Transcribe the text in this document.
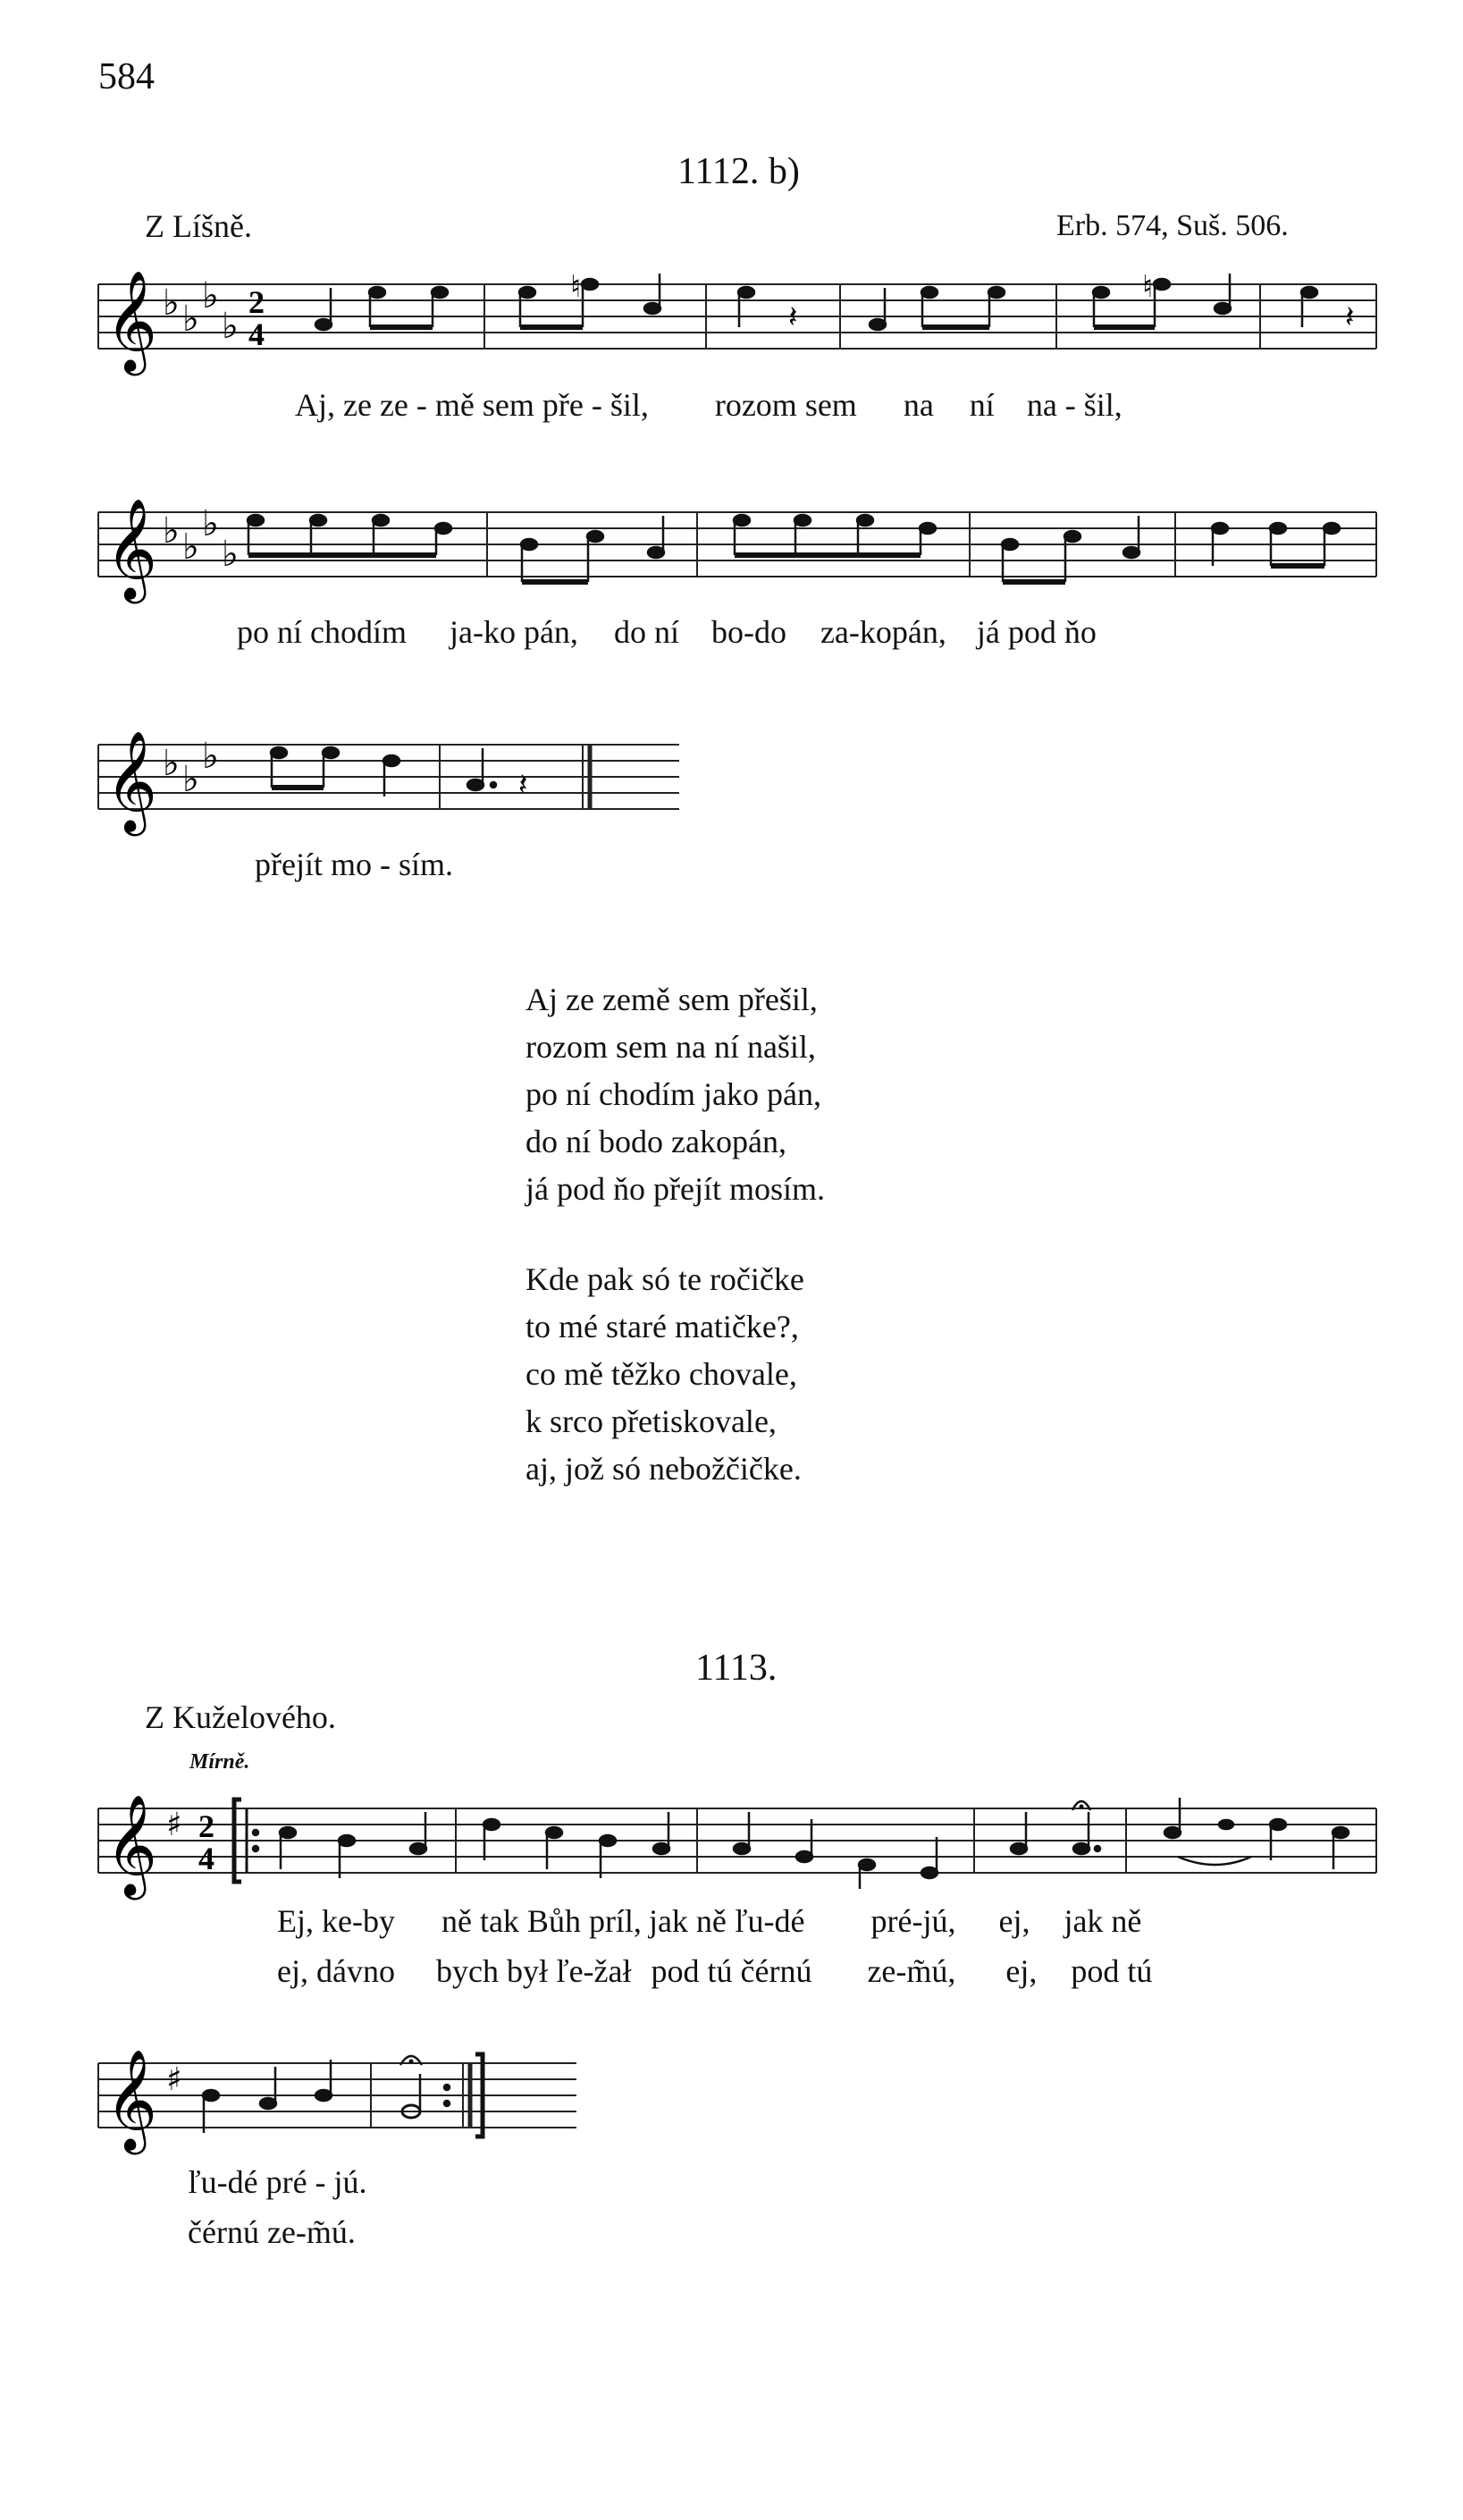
584
1112. b)
Z Líšně.	Erb. 574, Suš. 506.
𝄞 ♭ ♭
♭
♭
2
4
♮	♮
𝄽	𝄽
Aj, ze ze - mě sem pře - šil, rozom sem na ní na - šil,
𝄞 ♭ ♭
♭
♭
po ní chodím ja-ko pán, do ní bo-do za-kopán, já pod ňo
𝄞 ♭ ♭
♭
𝄽
přejít mo - sím.
Aj ze země sem přešil,
rozom sem na ní našil,
po ní chodím jako pán,
do ní bodo zakopán,
já pod ňo přejít mosím.
Kde pak só te ročičke
to mé staré matičke?,
co mě těžko chovale,
k srco přetiskovale,
aj, jož só nebožčičke.
1113.
Z Kuželového.
Mírně.
𝄞 ♯ 2
4
Ej, ke-by ně tak Bůh príl, jak ně ľu-dé pré-jú, ej, jak ně
ej, dávno bych był ľe-žał pod tú čérnú ze-m̃ú, ej, pod tú
𝄞 ♯
ľu-dé pré - jú.
čérnú ze-m̃ú.
